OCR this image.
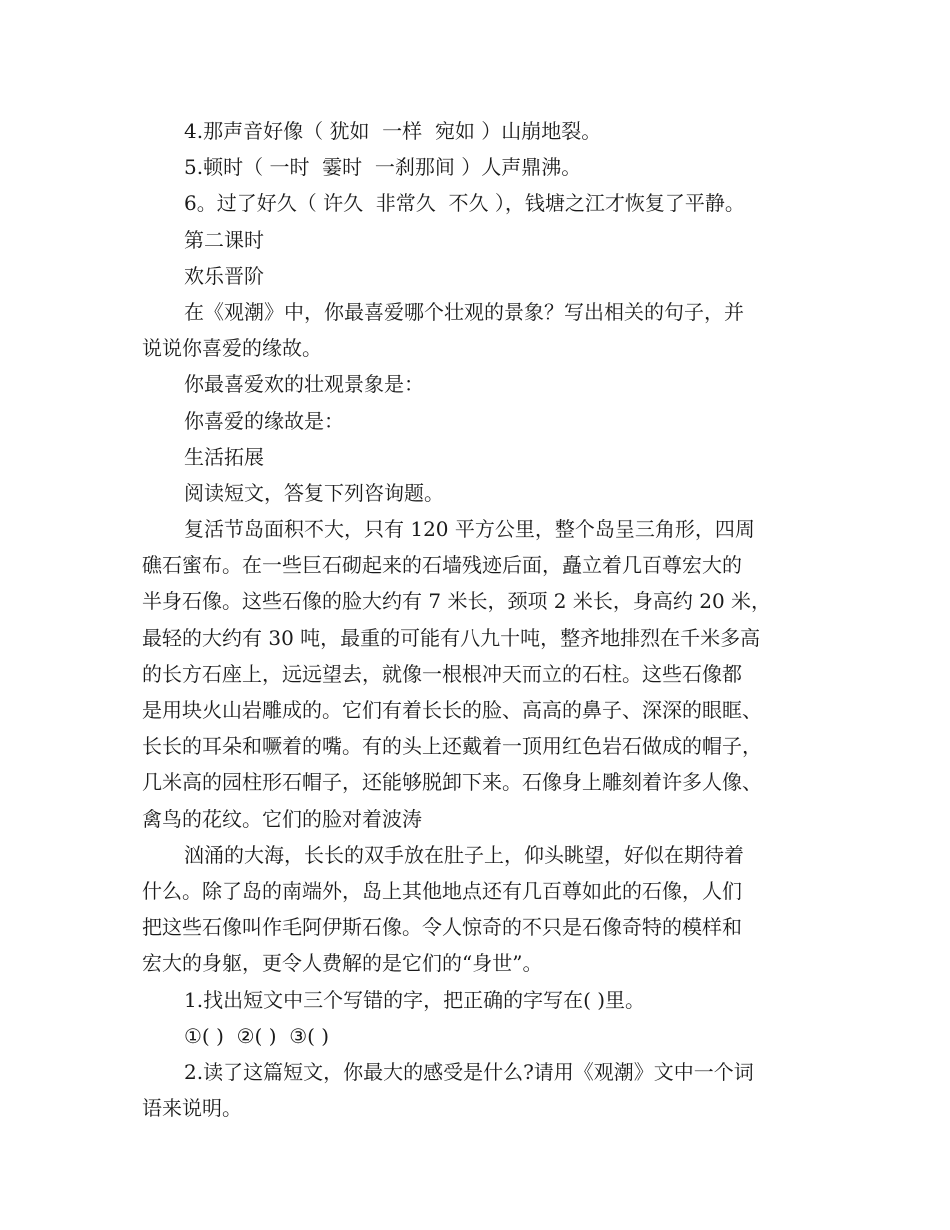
4.那声音好像（ 犹如  一样  宛如 ）山崩地裂。
5.顿时（ 一时  霎时  一刹那间 ）人声鼎沸。
6。过了好久（ 许久  非常久  不久 ），钱塘之江才恢复了平静。
第二课时
欢乐晋阶
在《观潮》中，你最喜爱哪个壮观的景象？写出相关的句子，并
说说你喜爱的缘故。
你最喜爱欢的壮观景象是：
你喜爱的缘故是：
生活拓展
阅读短文，答复下列咨询题。
复活节岛面积不大，只有 120 平方公里，整个岛呈三角形，四周
礁石蜜布。在一些巨石砌起来的石墙残迹后面，矗立着几百尊宏大的
半身石像。这些石像的脸大约有 7 米长，颈项 2 米长，身高约 20 米，
最轻的大约有 30 吨，最重的可能有八九十吨，整齐地排烈在千米多高
的长方石座上，远远望去，就像一根根冲天而立的石柱。这些石像都
是用块火山岩雕成的。它们有着长长的脸、高高的鼻子、深深的眼眶、
长长的耳朵和噘着的嘴。有的头上还戴着一顶用红色岩石做成的帽子，
几米高的园柱形石帽子，还能够脱卸下来。石像身上雕刻着许多人像、
禽鸟的花纹。它们的脸对着波涛
汹涌的大海，长长的双手放在肚子上，仰头眺望，好似在期待着
什么。除了岛的南端外，岛上其他地点还有几百尊如此的石像，人们
把这些石像叫作毛阿伊斯石像。令人惊奇的不只是石像奇特的模样和
宏大的身躯，更令人费解的是它们的“身世”。
1.找出短文中三个写错的字，把正确的字写在( )里。
①( )  ②( )  ③( )
2.读了这篇短文，你最大的感受是什么?请用《观潮》文中一个词
语来说明。
